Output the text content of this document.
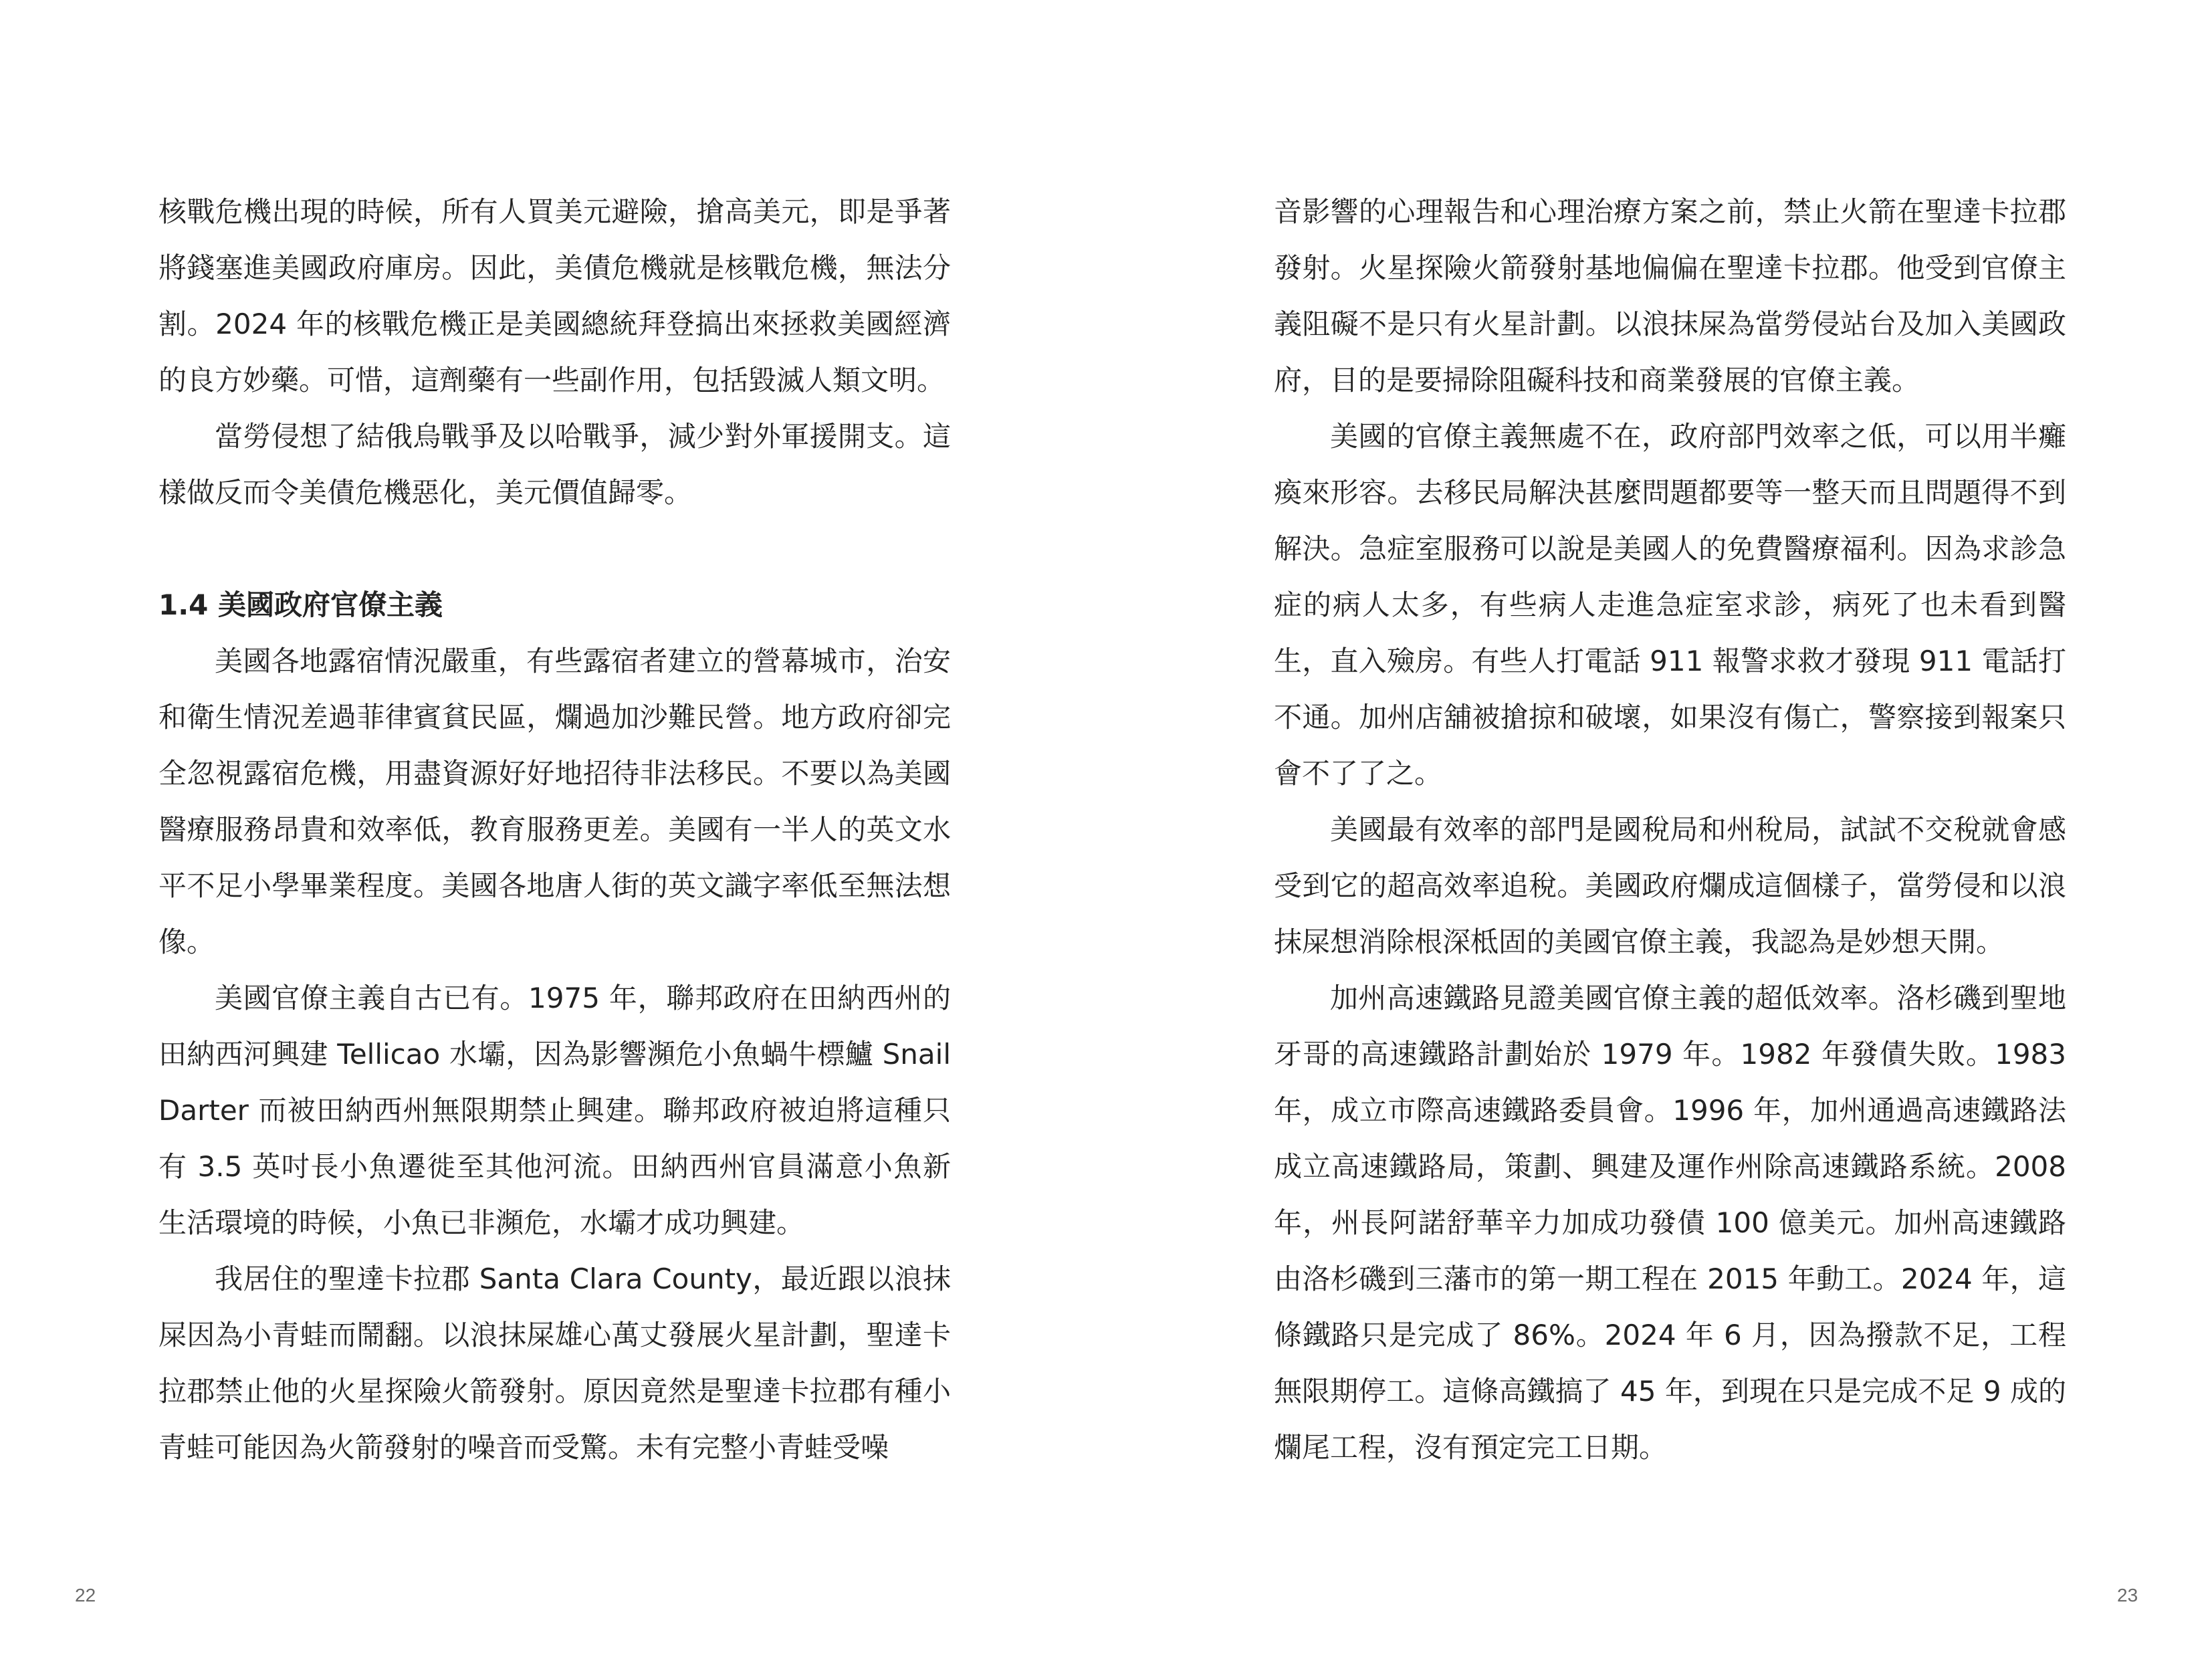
核戰危機出現的時候，所有人買美元避險，搶高美元，即是爭著將錢塞進美國政府庫房。因此，美債危機就是核戰危機，無法分割。2024 年的核戰危機正是美國總統拜登搞出來拯救美國經濟的良方妙藥。可惜，這劑藥有一些副作用，包括毀滅人類文明。

當勞侵想了結俄烏戰爭及以哈戰爭，減少對外軍援開支。這樣做反而令美債危機惡化，美元價值歸零。

1.4 美國政府官僚主義

美國各地露宿情況嚴重，有些露宿者建立的營幕城市，治安和衛生情況差過菲律賓貧民區，爛過加沙難民營。地方政府卻完全忽視露宿危機，用盡資源好好地招待非法移民。不要以為美國醫療服務昂貴和效率低，教育服務更差。美國有一半人的英文水平不足小學畢業程度。美國各地唐人街的英文識字率低至無法想像。

美國官僚主義自古已有。1975 年，聯邦政府在田納西州的田納西河興建 Tellicao 水壩，因為影響瀕危小魚蝸牛標鱸 Snail Darter 而被田納西州無限期禁止興建。聯邦政府被迫將這種只有 3.5 英吋長小魚遷徙至其他河流。田納西州官員滿意小魚新生活環境的時候，小魚已非瀕危，水壩才成功興建。

我居住的聖達卡拉郡 Santa Clara County，最近跟以浪抹屎因為小青蛙而鬧翻。以浪抹屎雄心萬丈發展火星計劃，聖達卡拉郡禁止他的火星探險火箭發射。原因竟然是聖達卡拉郡有種小青蛙可能因為火箭發射的噪音而受驚。未有完整小青蛙受噪

22

音影響的心理報告和心理治療方案之前，禁止火箭在聖達卡拉郡發射。火星探險火箭發射基地偏偏在聖達卡拉郡。他受到官僚主義阻礙不是只有火星計劃。以浪抹屎為當勞侵站台及加入美國政府，目的是要掃除阻礙科技和商業發展的官僚主義。

美國的官僚主義無處不在，政府部門效率之低，可以用半癱瘓來形容。去移民局解決甚麼問題都要等一整天而且問題得不到解決。急症室服務可以說是美國人的免費醫療福利。因為求診急症的病人太多，有些病人走進急症室求診，病死了也未看到醫生，直入殮房。有些人打電話 911 報警求救才發現 911 電話打不通。加州店舖被搶掠和破壞，如果沒有傷亡，警察接到報案只會不了了之。

美國最有效率的部門是國稅局和州稅局，試試不交稅就會感受到它的超高效率追稅。美國政府爛成這個樣子，當勞侵和以浪抹屎想消除根深柢固的美國官僚主義，我認為是妙想天開。

加州高速鐵路見證美國官僚主義的超低效率。洛杉磯到聖地牙哥的高速鐵路計劃始於 1979 年。1982 年發債失敗。1983 年，成立市際高速鐵路委員會。1996 年，加州通過高速鐵路法成立高速鐵路局，策劃、興建及運作州除高速鐵路系統。2008 年，州長阿諾舒華辛力加成功發債 100 億美元。加州高速鐵路由洛杉磯到三藩市的第一期工程在 2015 年動工。2024 年，這條鐵路只是完成了 86%。2024 年 6 月，因為撥款不足，工程無限期停工。這條高鐵搞了 45 年，到現在只是完成不足 9 成的爛尾工程，沒有預定完工日期。

23
